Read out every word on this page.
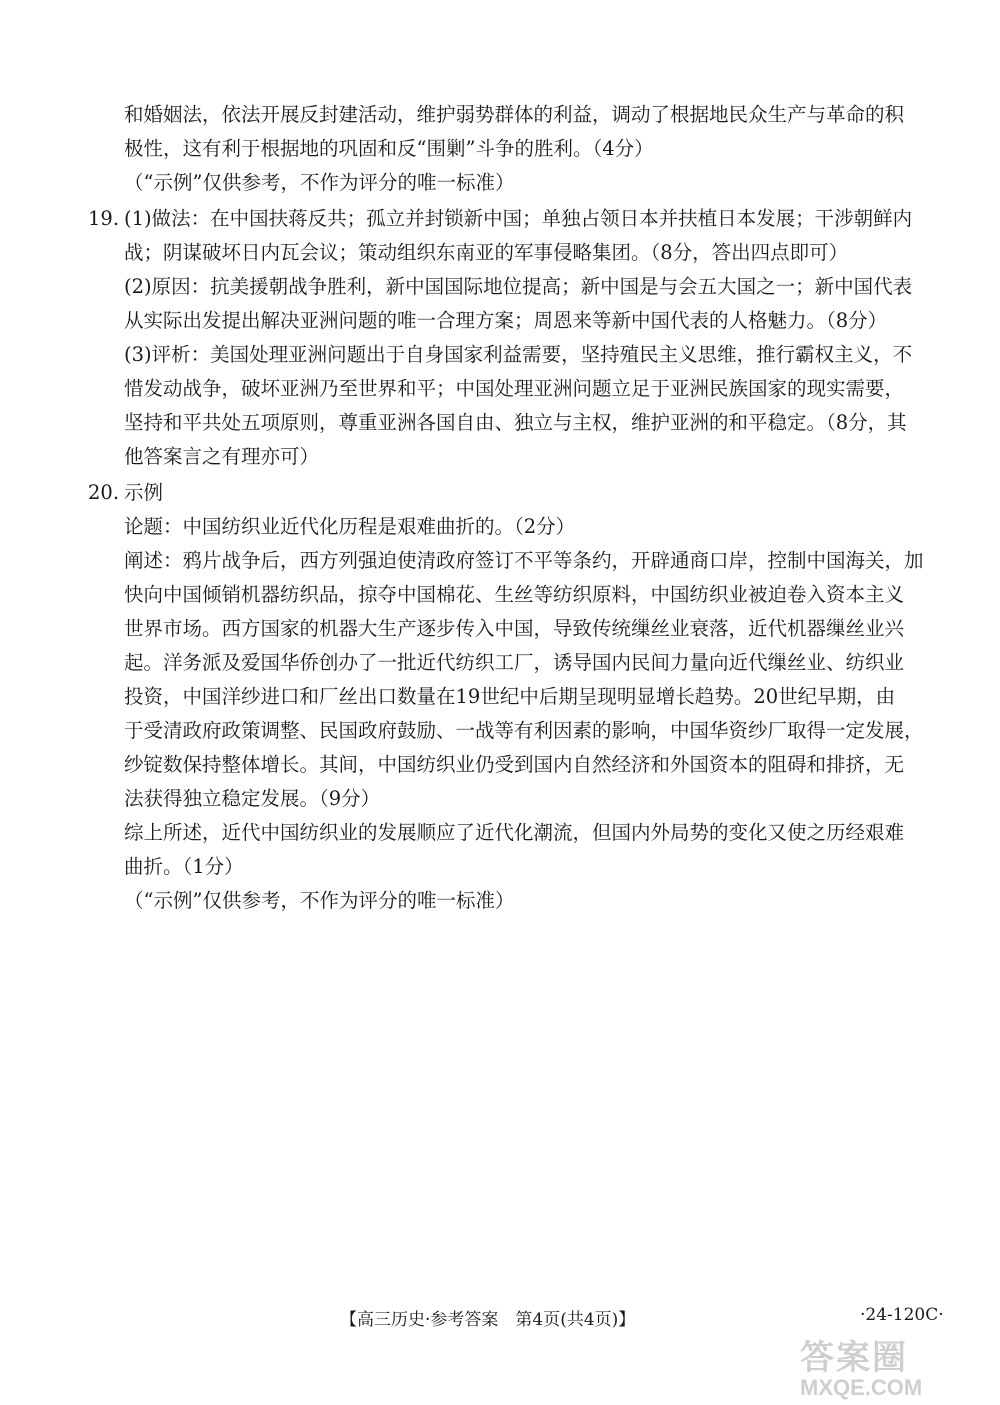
和婚姻法，依法开展反封建活动，维护弱势群体的利益，调动了根据地民众生产与革命的积
极性，这有利于根据地的巩固和反“围剿”斗争的胜利。（4分）
（“示例”仅供参考，不作为评分的唯一标准）
19. (1)做法：在中国扶蒋反共；孤立并封锁新中国；单独占领日本并扶植日本发展；干涉朝鲜内
战；阴谋破坏日内瓦会议；策动组织东南亚的军事侵略集团。（8分，答出四点即可）
(2)原因：抗美援朝战争胜利，新中国国际地位提高；新中国是与会五大国之一；新中国代表
从实际出发提出解决亚洲问题的唯一合理方案；周恩来等新中国代表的人格魅力。（8分）
(3)评析：美国处理亚洲问题出于自身国家利益需要，坚持殖民主义思维，推行霸权主义，不
惜发动战争，破坏亚洲乃至世界和平；中国处理亚洲问题立足于亚洲民族国家的现实需要，
坚持和平共处五项原则，尊重亚洲各国自由、独立与主权，维护亚洲的和平稳定。（8分，其
他答案言之有理亦可）
20. 示例
论题：中国纺织业近代化历程是艰难曲折的。（2分）
阐述：鸦片战争后，西方列强迫使清政府签订不平等条约，开辟通商口岸，控制中国海关，加
快向中国倾销机器纺织品，掠夺中国棉花、生丝等纺织原料，中国纺织业被迫卷入资本主义
世界市场。西方国家的机器大生产逐步传入中国，导致传统缫丝业衰落，近代机器缫丝业兴
起。洋务派及爱国华侨创办了一批近代纺织工厂，诱导国内民间力量向近代缫丝业、纺织业
投资，中国洋纱进口和厂丝出口数量在19世纪中后期呈现明显增长趋势。20世纪早期，由
于受清政府政策调整、民国政府鼓励、一战等有利因素的影响，中国华资纱厂取得一定发展，
纱锭数保持整体增长。其间，中国纺织业仍受到国内自然经济和外国资本的阻碍和排挤，无
法获得独立稳定发展。（9分）
综上所述，近代中国纺织业的发展顺应了近代化潮流，但国内外局势的变化又使之历经艰难
曲折。（1分）
（“示例”仅供参考，不作为评分的唯一标准）
【高三历史·参考答案　第4页(共4页)】	·24-120C·
答案圈
MXQE.COM
